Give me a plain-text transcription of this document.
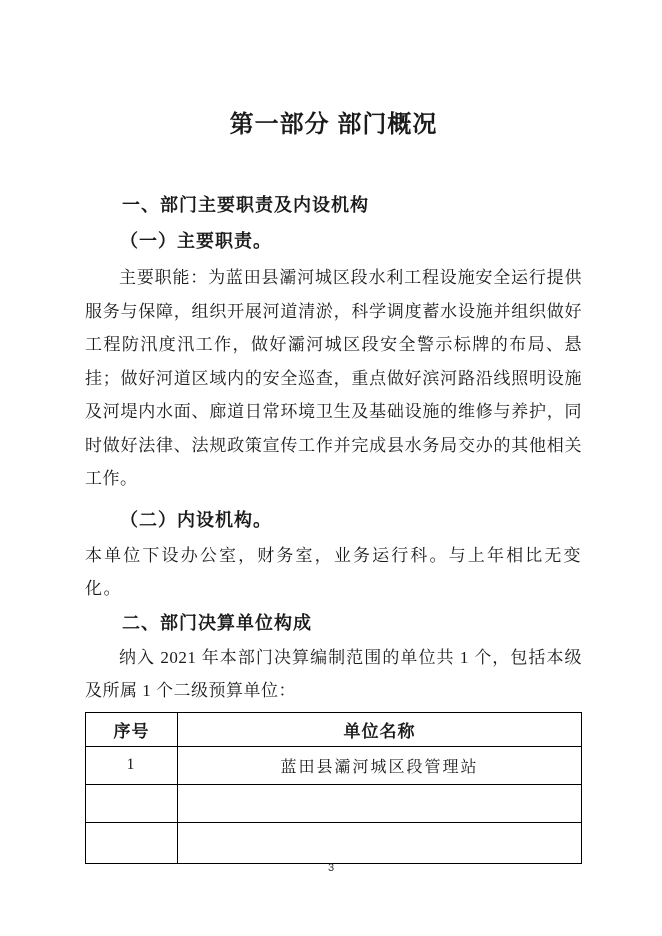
第一部分 部门概况
一、部门主要职责及内设机构
（一）主要职责。

主要职能：为蓝田县灞河城区段水利工程设施安全运行提供服务与保障，组织开展河道清淤，科学调度蓄水设施并组织做好工程防汛度汛工作，做好灞河城区段安全警示标牌的布局、悬挂；做好河道区域内的安全巡查，重点做好滨河路沿线照明设施及河堤内水面、廊道日常环境卫生及基础设施的维修与养护，同时做好法律、法规政策宣传工作并完成县水务局交办的其他相关工作。

（二）内设机构。

本单位下设办公室，财务室，业务运行科。与上年相比无变化。

二、部门决算单位构成

纳入 2021 年本部门决算编制范围的单位共 1 个，包括本级及所属 1 个二级预算单位：

序号	单位名称
1	蓝田县灞河城区段管理站

3
